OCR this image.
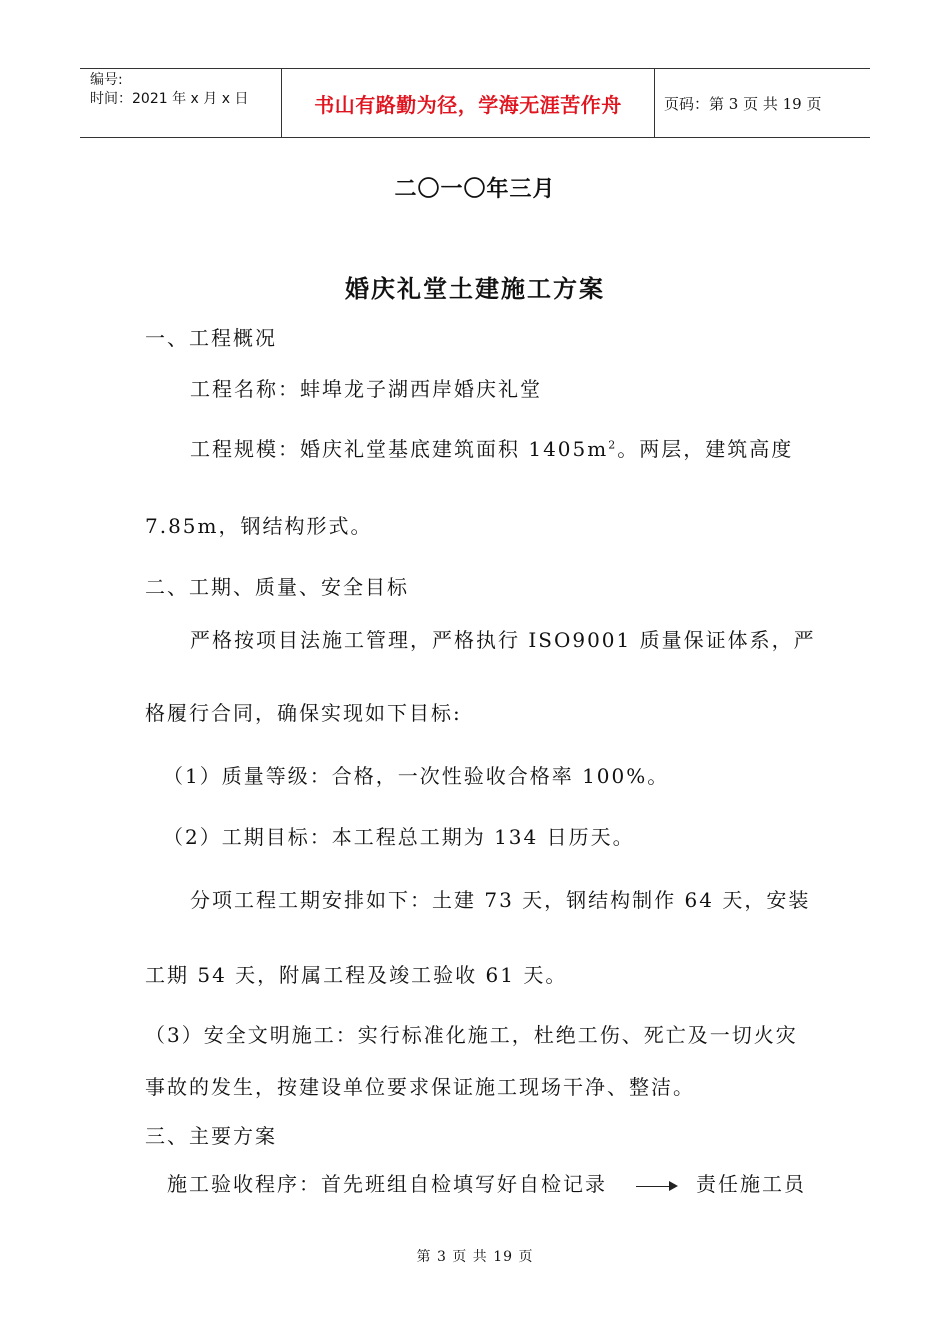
编号:
时间：2021 年 x 月 x 日	书山有路勤为径，学海无涯苦作舟	页码：第 3 页 共 19 页
二〇一〇年三月
婚庆礼堂土建施工方案
一、工程概况
工程名称：蚌埠龙子湖西岸婚庆礼堂
工程规模：婚庆礼堂基底建筑面积 $1405m^2$。两层，建筑高度
7.85m，钢结构形式。
二、工期、质量、安全目标
严格按项目法施工管理，严格执行 ISO9001 质量保证体系，严
格履行合同，确保实现如下目标:
（1）质量等级：合格，一次性验收合格率 100%。
（2）工期目标：本工程总工期为 134 日历天。
分项工程工期安排如下：土建 73 天，钢结构制作 64 天，安装
工期 54 天，附属工程及竣工验收 61 天。
（3）安全文明施工：实行标准化施工，杜绝工伤、死亡及一切火灾
事故的发生，按建设单位要求保证施工现场干净、整洁。
三、主要方案
施工验收程序：首先班组自检填写好自检记录	责任施工员
第 3 页 共 19 页
